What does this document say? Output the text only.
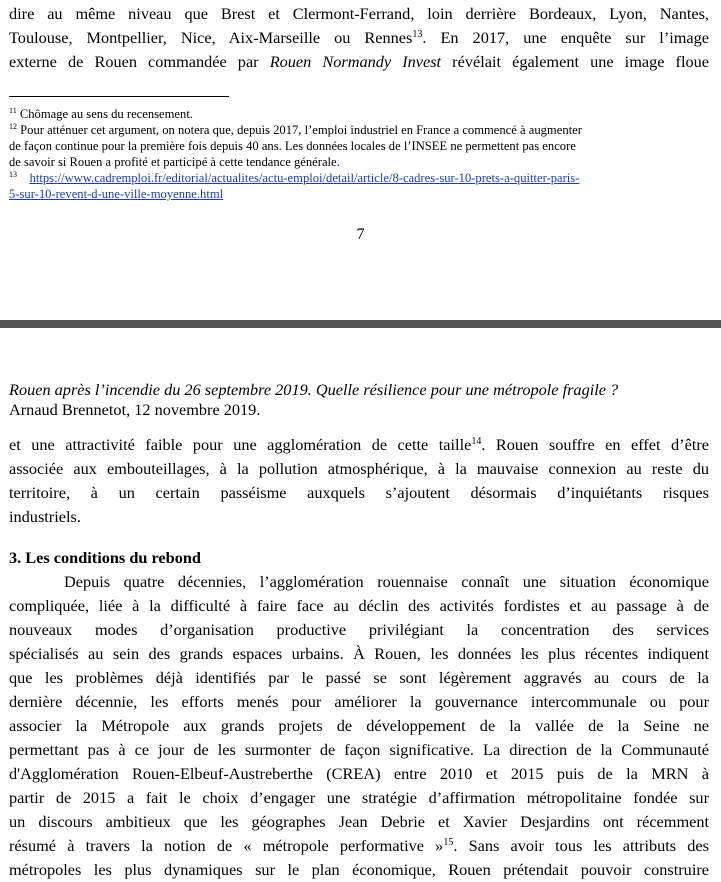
dire au même niveau que Brest et Clermont-Ferrand, loin derrière Bordeaux, Lyon, Nantes,
Toulouse, Montpellier, Nice, Aix-Marseille ou Rennes$^{13}$. En 2017, une enquête sur l’image
externe de Rouen commandée par Rouen Normandy Invest révélait également une image floue
$^{11}$ Chômage au sens du recensement.
$^{12}$ Pour atténuer cet argument, on notera que, depuis 2017, l’emploi industriel en France a commencé à augmenter
de façon continue pour la première fois depuis 40 ans. Les données locales de l’INSEE ne permettent pas encore
de savoir si Rouen a profité et participé à cette tendance générale.
$^{13}$ https://www.cadremploi.fr/editorial/actualites/actu-emploi/detail/article/8-cadres-sur-10-prets-a-quitter-paris-
5-sur-10-revent-d-une-ville-moyenne.html
7
Rouen après l’incendie du 26 septembre 2019. Quelle résilience pour une métropole fragile ?
Arnaud Brennetot, 12 novembre 2019.
et une attractivité faible pour une agglomération de cette taille$^{14}$. Rouen souffre en effet d’être
associée aux embouteillages, à la pollution atmosphérique, à la mauvaise connexion au reste du
territoire, à un certain passéisme auxquels s’ajoutent désormais d’inquiétants risques
industriels.
3. Les conditions du rebond
Depuis quatre décennies, l’agglomération rouennaise connaît une situation économique
compliquée, liée à la difficulté à faire face au déclin des activités fordistes et au passage à de
nouveaux modes d’organisation productive privilégiant la concentration des services
spécialisés au sein des grands espaces urbains. À Rouen, les données les plus récentes indiquent
que les problèmes déjà identifiés par le passé se sont légèrement aggravés au cours de la
dernière décennie, les efforts menés pour améliorer la gouvernance intercommunale ou pour
associer la Métropole aux grands projets de développement de la vallée de la Seine ne
permettant pas à ce jour de les surmonter de façon significative. La direction de la Communauté
d'Agglomération Rouen-Elbeuf-Austreberthe (CREA) entre 2010 et 2015 puis de la MRN à
partir de 2015 a fait le choix d’engager une stratégie d’affirmation métropolitaine fondée sur
un discours ambitieux que les géographes Jean Debrie et Xavier Desjardins ont récemment
résumé à travers la notion de « métropole performative »$^{15}$. Sans avoir tous les attributs des
métropoles les plus dynamiques sur le plan économique, Rouen prétendait pouvoir construire
